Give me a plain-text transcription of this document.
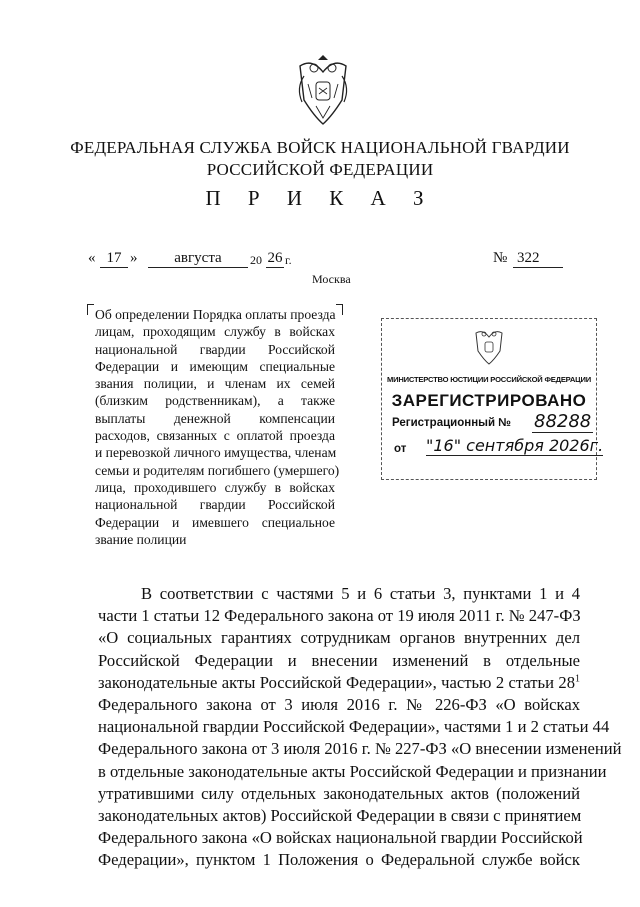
ФЕДЕРАЛЬНАЯ СЛУЖБА ВОЙСК НАЦИОНАЛЬНОЙ ГВАРДИИ
РОССИЙСКОЙ ФЕДЕРАЦИИ
П Р И К А З
« 17 »	августа	20 26 г.	№ 322
Москва
Об определении Порядка оплаты проезда
лицам, проходящим службу в войсках
национальной гвардии Российской
Федерации и имеющим специальные
звания полиции, и членам их семей
(близким родственникам), а также
выплаты денежной компенсации
расходов, связанных с оплатой проезда
и перевозкой личного имущества, членам
семьи и родителям погибшего (умершего)
лица, проходившего службу в войсках
национальной гвардии Российской
Федерации и имевшего специальное
звание полиции
МИНИСТЕРСТВО ЮСТИЦИИ РОССИЙСКОЙ ФЕДЕРАЦИИ
ЗАРЕГИСТРИРОВАНО
Регистрационный № 88288
от "16" сентября 2026г.
В соответствии с частями 5 и 6 статьи 3, пунктами 1 и 4
части 1 статьи 12 Федерального закона от 19 июля 2011 г. № 247-ФЗ
«О социальных гарантиях сотрудникам органов внутренних дел
Российской Федерации и внесении изменений в отдельные
законодательные акты Российской Федерации», частью 2 статьи $28^1$
Федерального закона от 3 июля 2016 г. № 226-ФЗ «О войсках
национальной гвардии Российской Федерации», частями 1 и 2 статьи 44
Федерального закона от 3 июля 2016 г. № 227-ФЗ «О внесении изменений
в отдельные законодательные акты Российской Федерации и признании
утратившими силу отдельных законодательных актов (положений
законодательных актов) Российской Федерации в связи с принятием
Федерального закона «О войсках национальной гвардии Российской
Федерации», пунктом 1 Положения о Федеральной службе войск
